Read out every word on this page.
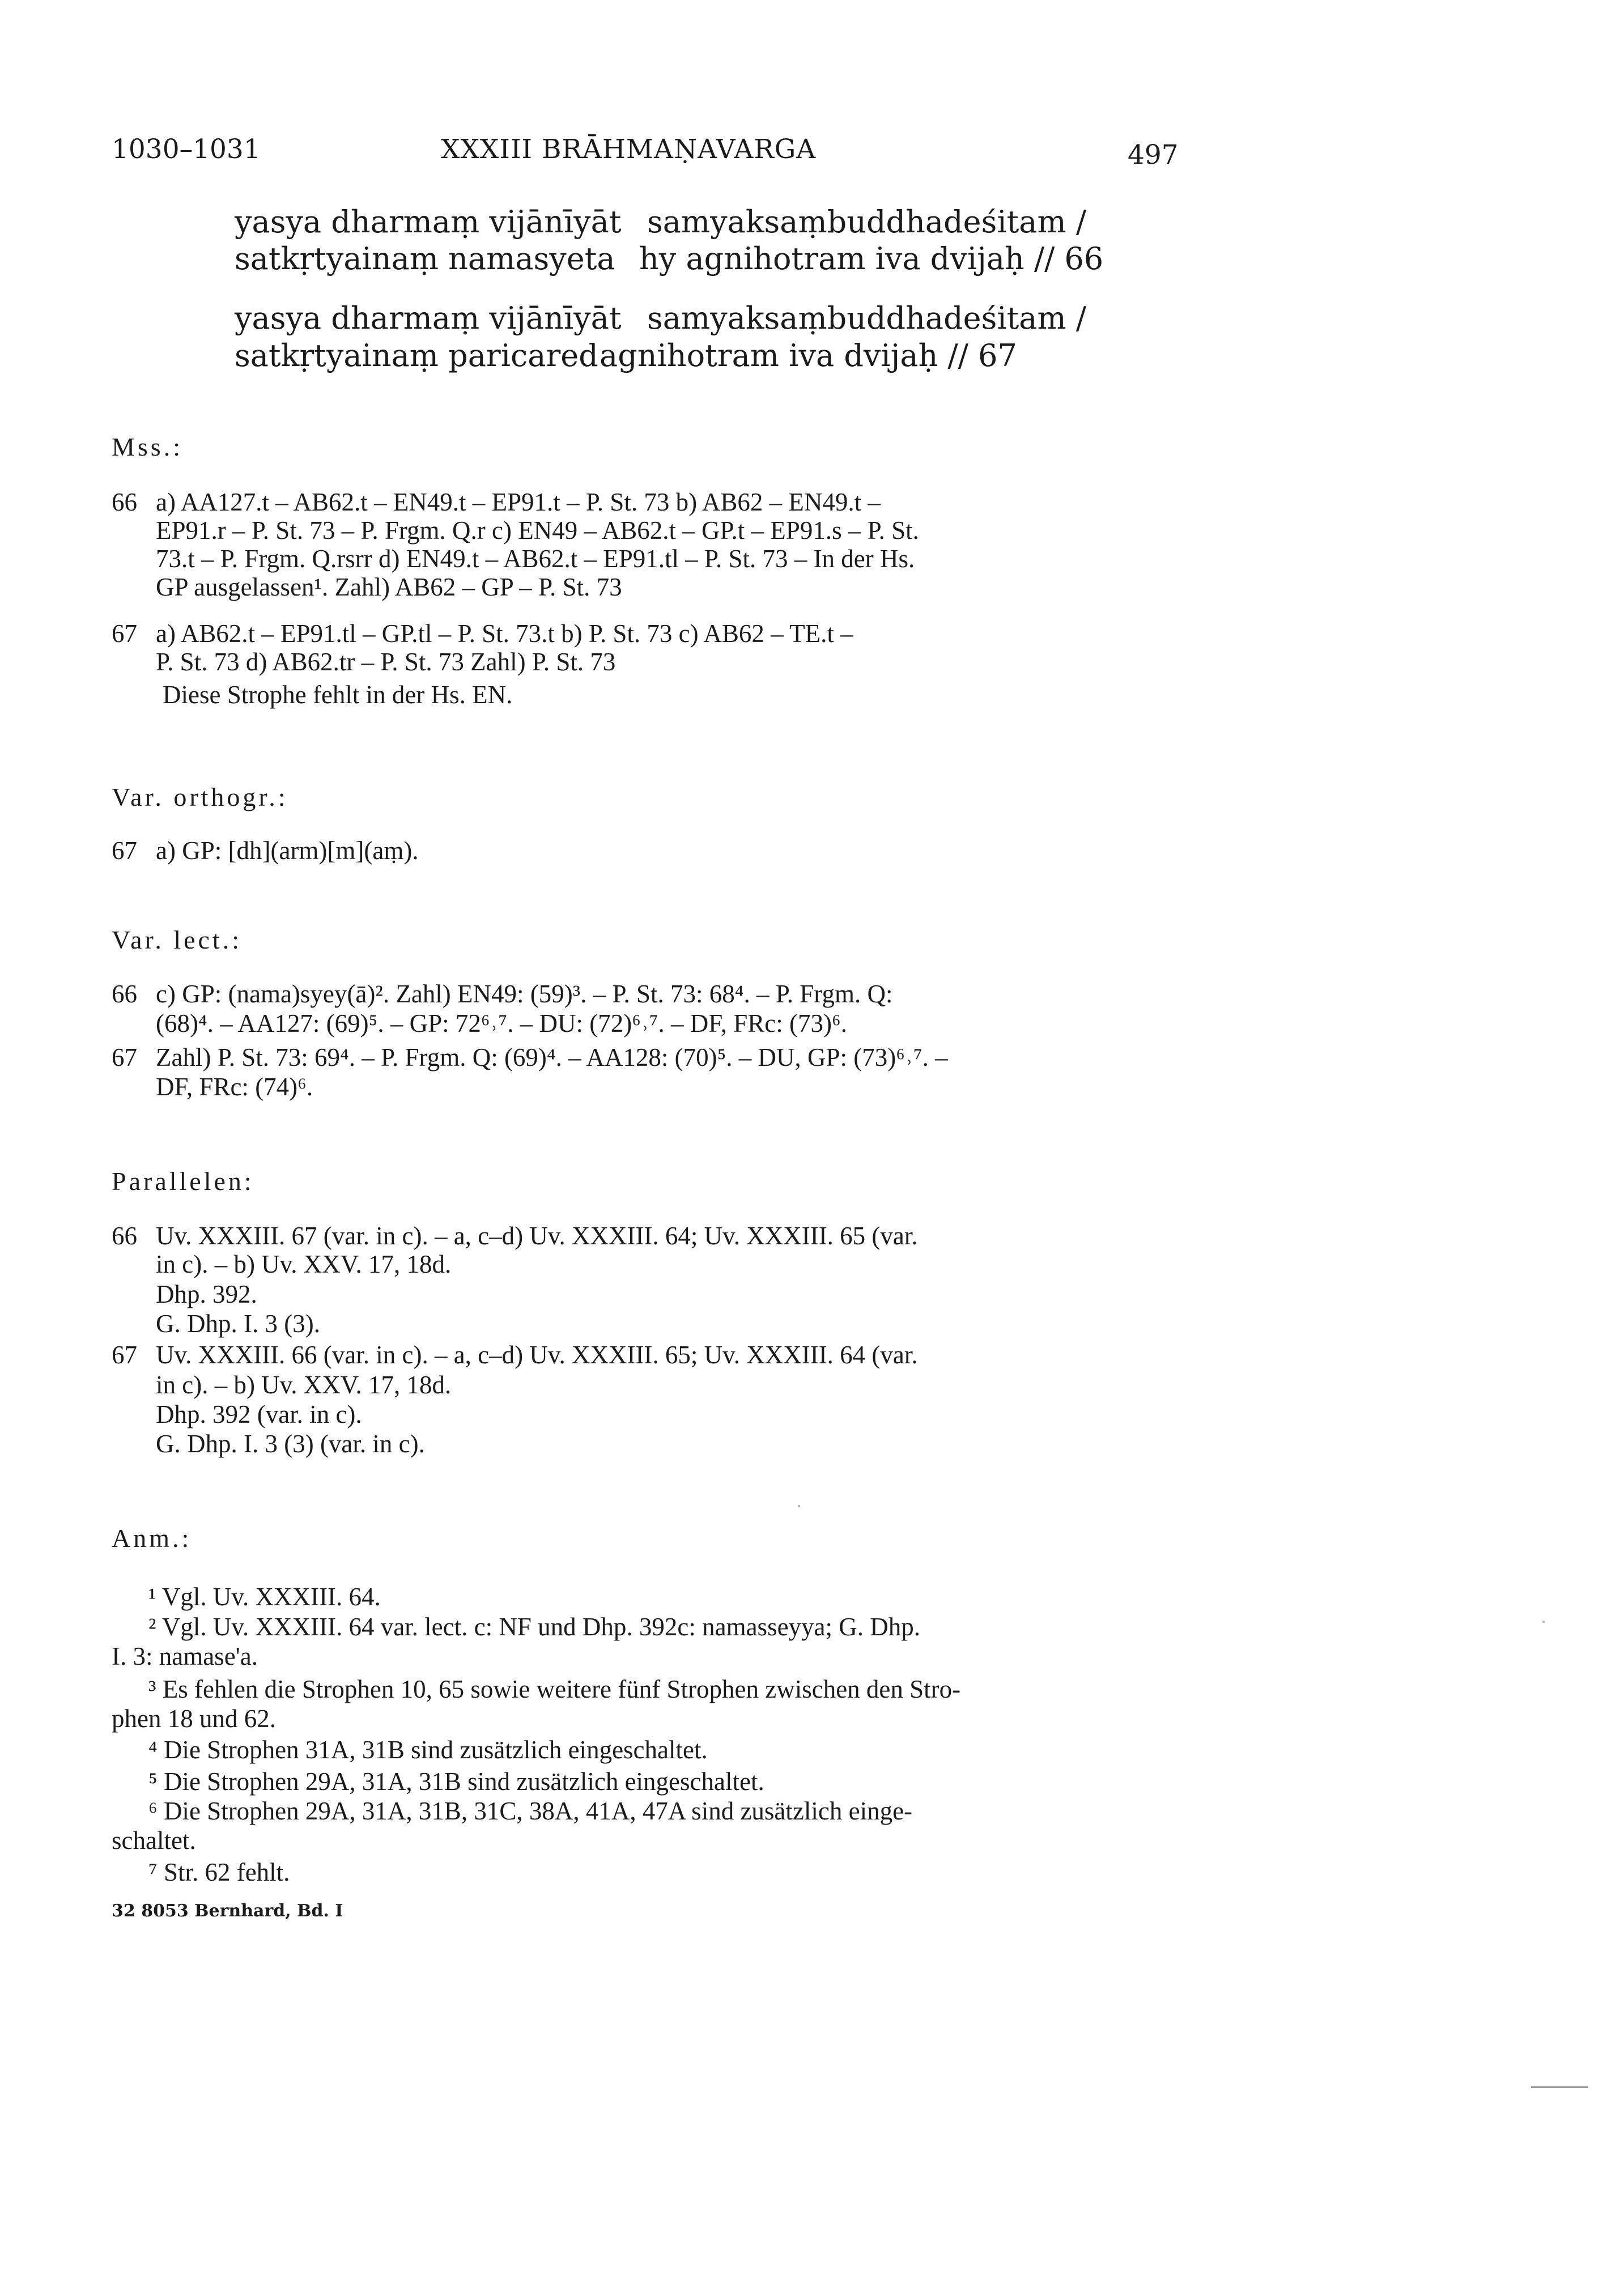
1030–1031	XXXIII BRĀHMAṆAVARGA	497
yasya dharmaṃ vijānīyāt samyaksaṃbuddhadeśitam /
satkṛtyainaṃ namasyeta hy agnihotram iva dvijaḥ // 66
yasya dharmaṃ vijānīyāt samyaksaṃbuddhadeśitam /
satkṛtyainaṃ paricared agnihotram iva dvijaḥ // 67
Mss.:
66 a) AA127.t – AB62.t – EN49.t – EP91.t – P. St. 73 b) AB62 – EN49.t –
EP91.r – P. St. 73 – P. Frgm. Q.r c) EN49 – AB62.t – GP.t – EP91.s – P. St.
73.t – P. Frgm. Q.rsrr d) EN49.t – AB62.t – EP91.tl – P. St. 73 – In der Hs.
GP ausgelassen¹. Zahl) AB62 – GP – P. St. 73
67 a) AB62.t – EP91.tl – GP.tl – P. St. 73.t b) P. St. 73 c) AB62 – TE.t –
P. St. 73 d) AB62.tr – P. St. 73 Zahl) P. St. 73
Diese Strophe fehlt in der Hs. EN.
Var. orthogr.:
67 a) GP: [dh](arm)[m](aṃ).
Var. lect.:
66 c) GP: (nama)syey(ā)². Zahl) EN49: (59)³. – P. St. 73: 68⁴. – P. Frgm. Q:
(68)⁴. – AA127: (69)⁵. – GP: 72⁶˒⁷. – DU: (72)⁶˒⁷. – DF, FRc: (73)⁶.
67 Zahl) P. St. 73: 69⁴. – P. Frgm. Q: (69)⁴. – AA128: (70)⁵. – DU, GP: (73)⁶˒⁷. –
DF, FRc: (74)⁶.
Parallelen:
66 Uv. XXXIII. 67 (var. in c). – a, c–d) Uv. XXXIII. 64; Uv. XXXIII. 65 (var.
in c). – b) Uv. XXV. 17, 18d.
Dhp. 392.
G. Dhp. I. 3 (3).
67 Uv. XXXIII. 66 (var. in c). – a, c–d) Uv. XXXIII. 65; Uv. XXXIII. 64 (var.
in c). – b) Uv. XXV. 17, 18d.
Dhp. 392 (var. in c).
G. Dhp. I. 3 (3) (var. in c).
Anm.:
¹ Vgl. Uv. XXXIII. 64.
² Vgl. Uv. XXXIII. 64 var. lect. c: NF und Dhp. 392c: namasseyya; G. Dhp.
I. 3: namase'a.
³ Es fehlen die Strophen 10, 65 sowie weitere fünf Strophen zwischen den Stro-
phen 18 und 62.
⁴ Die Strophen 31A, 31B sind zusätzlich eingeschaltet.
⁵ Die Strophen 29A, 31A, 31B sind zusätzlich eingeschaltet.
⁶ Die Strophen 29A, 31A, 31B, 31C, 38A, 41A, 47A sind zusätzlich einge-
schaltet.
⁷ Str. 62 fehlt.
32 8053 Bernhard, Bd. I
